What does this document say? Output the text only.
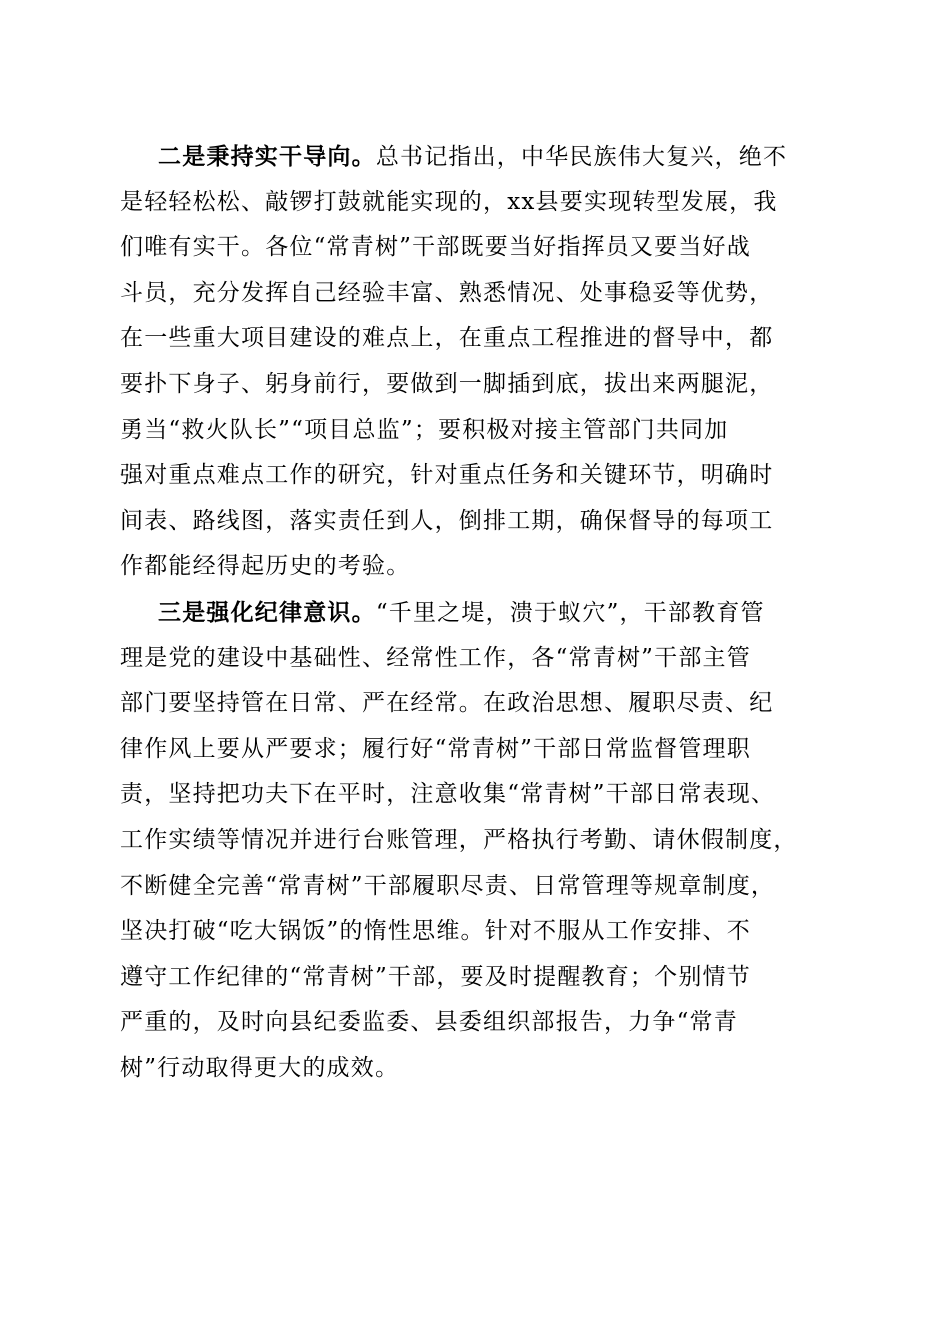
二是秉持实干导向。总书记指出，中华民族伟大复兴，绝不
是轻轻松松、敲锣打鼓就能实现的，xx县要实现转型发展，我
们唯有实干。各位“常青树”干部既要当好指挥员又要当好战
斗员，充分发挥自己经验丰富、熟悉情况、处事稳妥等优势，
在一些重大项目建设的难点上，在重点工程推进的督导中，都
要扑下身子、躬身前行，要做到一脚插到底，拔出来两腿泥，
勇当“救火队长”“项目总监”；要积极对接主管部门共同加
强对重点难点工作的研究，针对重点任务和关键环节，明确时
间表、路线图，落实责任到人，倒排工期，确保督导的每项工
作都能经得起历史的考验。
三是强化纪律意识。“千里之堤，溃于蚁穴”，干部教育管
理是党的建设中基础性、经常性工作，各“常青树”干部主管
部门要坚持管在日常、严在经常。在政治思想、履职尽责、纪
律作风上要从严要求；履行好“常青树”干部日常监督管理职
责，坚持把功夫下在平时，注意收集“常青树”干部日常表现、
工作实绩等情况并进行台账管理，严格执行考勤、请休假制度，
不断健全完善“常青树”干部履职尽责、日常管理等规章制度，
坚决打破“吃大锅饭”的惰性思维。针对不服从工作安排、不
遵守工作纪律的“常青树”干部，要及时提醒教育；个别情节
严重的，及时向县纪委监委、县委组织部报告，力争“常青
树”行动取得更大的成效。
